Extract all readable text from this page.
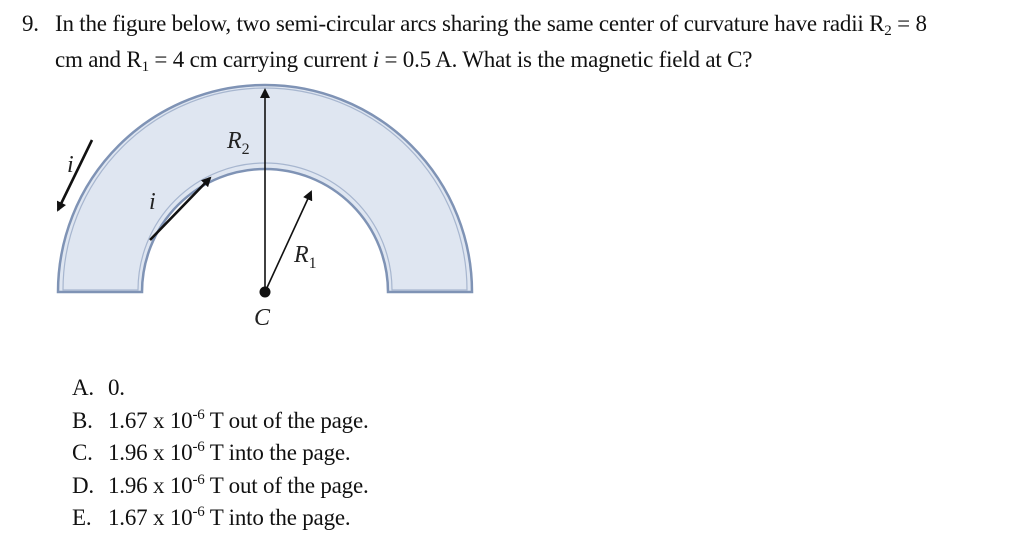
9. In the figure below, two semi-circular arcs sharing the same center of curvature have radii $R_2 = 8$
cm and $R_1 = 4$ cm carrying current i = 0.5 A. What is the magnetic field at C?
$R_2$
$R_1$
C
i
i
A. 0.
B. 1.67 x $10^{-6}$ T out of the page.
C. 1.96 x $10^{-6}$ T into the page.
D. 1.96 x $10^{-6}$ T out of the page.
E. 1.67 x $10^{-6}$ T into the page.
